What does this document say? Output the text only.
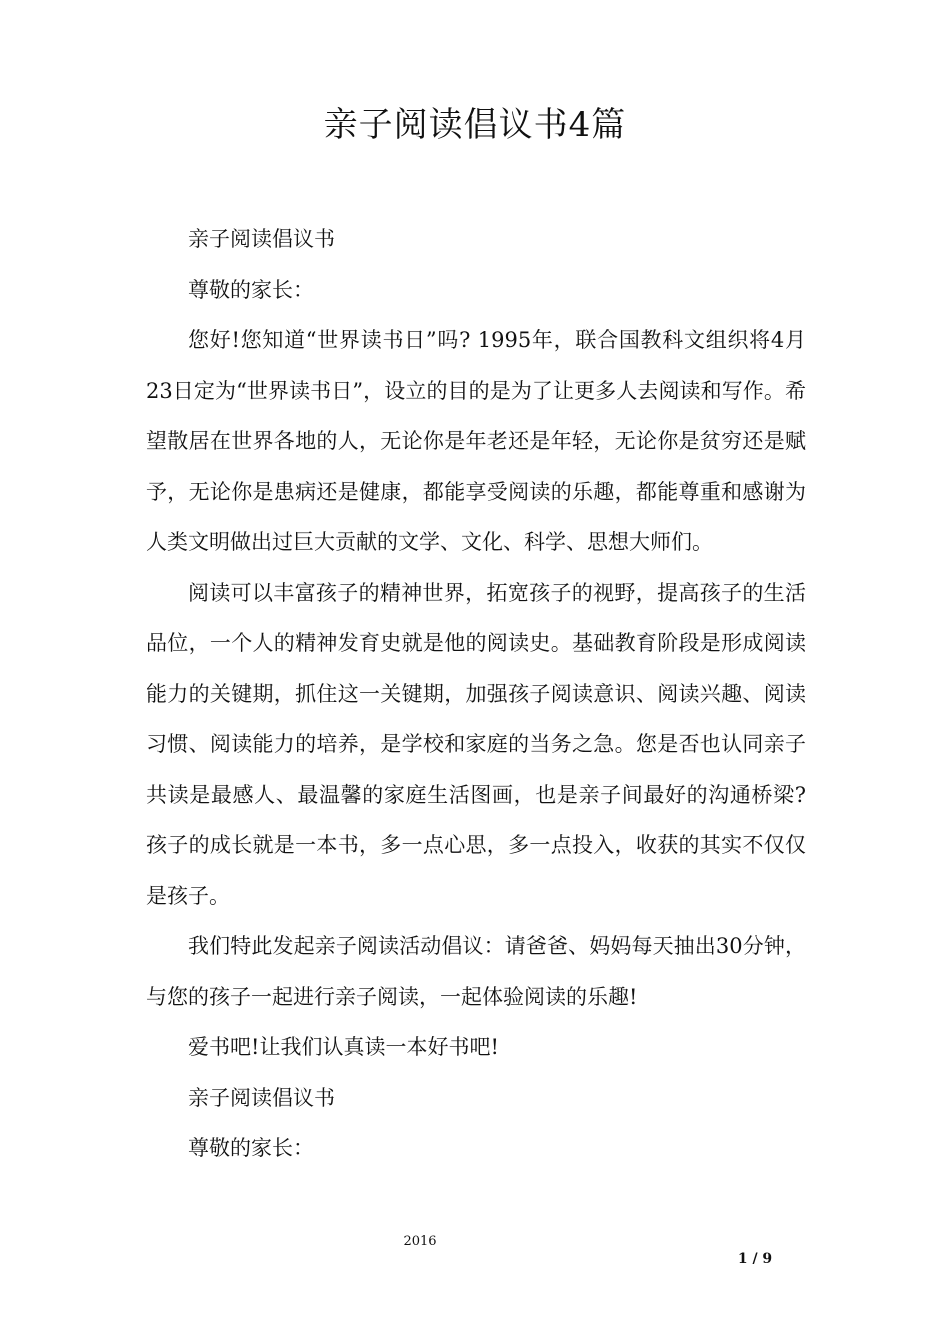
亲子阅读倡议书4篇

亲子阅读倡议书

尊敬的家长：

您好!您知道“世界读书日”吗? 1995年，联合国教科文组织将4月23日定为“世界读书日”，设立的目的是为了让更多人去阅读和写作。希望散居在世界各地的人，无论你是年老还是年轻，无论你是贫穷还是赋予，无论你是患病还是健康，都能享受阅读的乐趣，都能尊重和感谢为人类文明做出过巨大贡献的文学、文化、科学、思想大师们。

阅读可以丰富孩子的精神世界，拓宽孩子的视野，提高孩子的生活品位，一个人的精神发育史就是他的阅读史。基础教育阶段是形成阅读能力的关键期，抓住这一关键期，加强孩子阅读意识、阅读兴趣、阅读习惯、阅读能力的培养，是学校和家庭的当务之急。您是否也认同亲子共读是最感人、最温馨的家庭生活图画，也是亲子间最好的沟通桥梁?孩子的成长就是一本书，多一点心思，多一点投入，收获的其实不仅仅是孩子。

我们特此发起亲子阅读活动倡议：请爸爸、妈妈每天抽出30分钟，与您的孩子一起进行亲子阅读，一起体验阅读的乐趣!

爱书吧!让我们认真读一本好书吧!

亲子阅读倡议书

尊敬的家长：

2016
1 / 9
